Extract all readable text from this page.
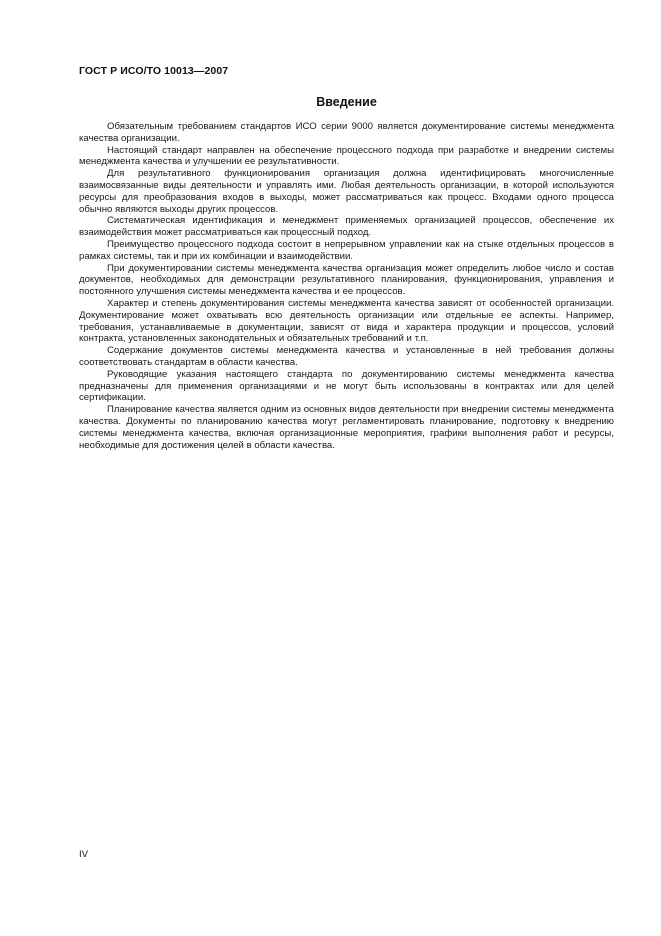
ГОСТ Р ИСО/ТО 10013—2007
Введение

Обязательным требованием стандартов ИСО серии 9000 является документирование системы менеджмента качества организации.

Настоящий стандарт направлен на обеспечение процессного подхода при разработке и внедрении системы менеджмента качества и улучшении ее результативности.

Для результативного функционирования организация должна идентифицировать многочисленные взаимосвязанные виды деятельности и управлять ими. Любая деятельность организации, в которой используются ресурсы для преобразования входов в выходы, может рассматриваться как процесс. Входами одного процесса обычно являются выходы других процессов.

Систематическая идентификация и менеджмент применяемых организацией процессов, обеспечение их взаимодействия может рассматриваться как процессный подход.

Преимущество процессного подхода состоит в непрерывном управлении как на стыке отдельных процессов в рамках системы, так и при их комбинации и взаимодействии.

При документировании системы менеджмента качества организация может определить любое число и состав документов, необходимых для демонстрации результативного планирования, функционирования, управления и постоянного улучшения системы менеджмента качества и ее процессов.

Характер и степень документирования системы менеджмента качества зависят от особенностей организации. Документирование может охватывать всю деятельность организации или отдельные ее аспекты. Например, требования, устанавливаемые в документации, зависят от вида и характера продукции и процессов, условий контракта, установленных законодательных и обязательных требований и т.п.

Содержание документов системы менеджмента качества и установленные в ней требования должны соответствовать стандартам в области качества.

Руководящие указания настоящего стандарта по документированию системы менеджмента качества предназначены для применения организациями и не могут быть использованы в контрактах или для целей сертификации.

Планирование качества является одним из основных видов деятельности при внедрении системы менеджмента качества. Документы по планированию качества могут регламентировать планирование, подготовку к внедрению системы менеджмента качества, включая организационные мероприятия, графики выполнения работ и ресурсы, необходимые для достижения целей в области качества.

IV
